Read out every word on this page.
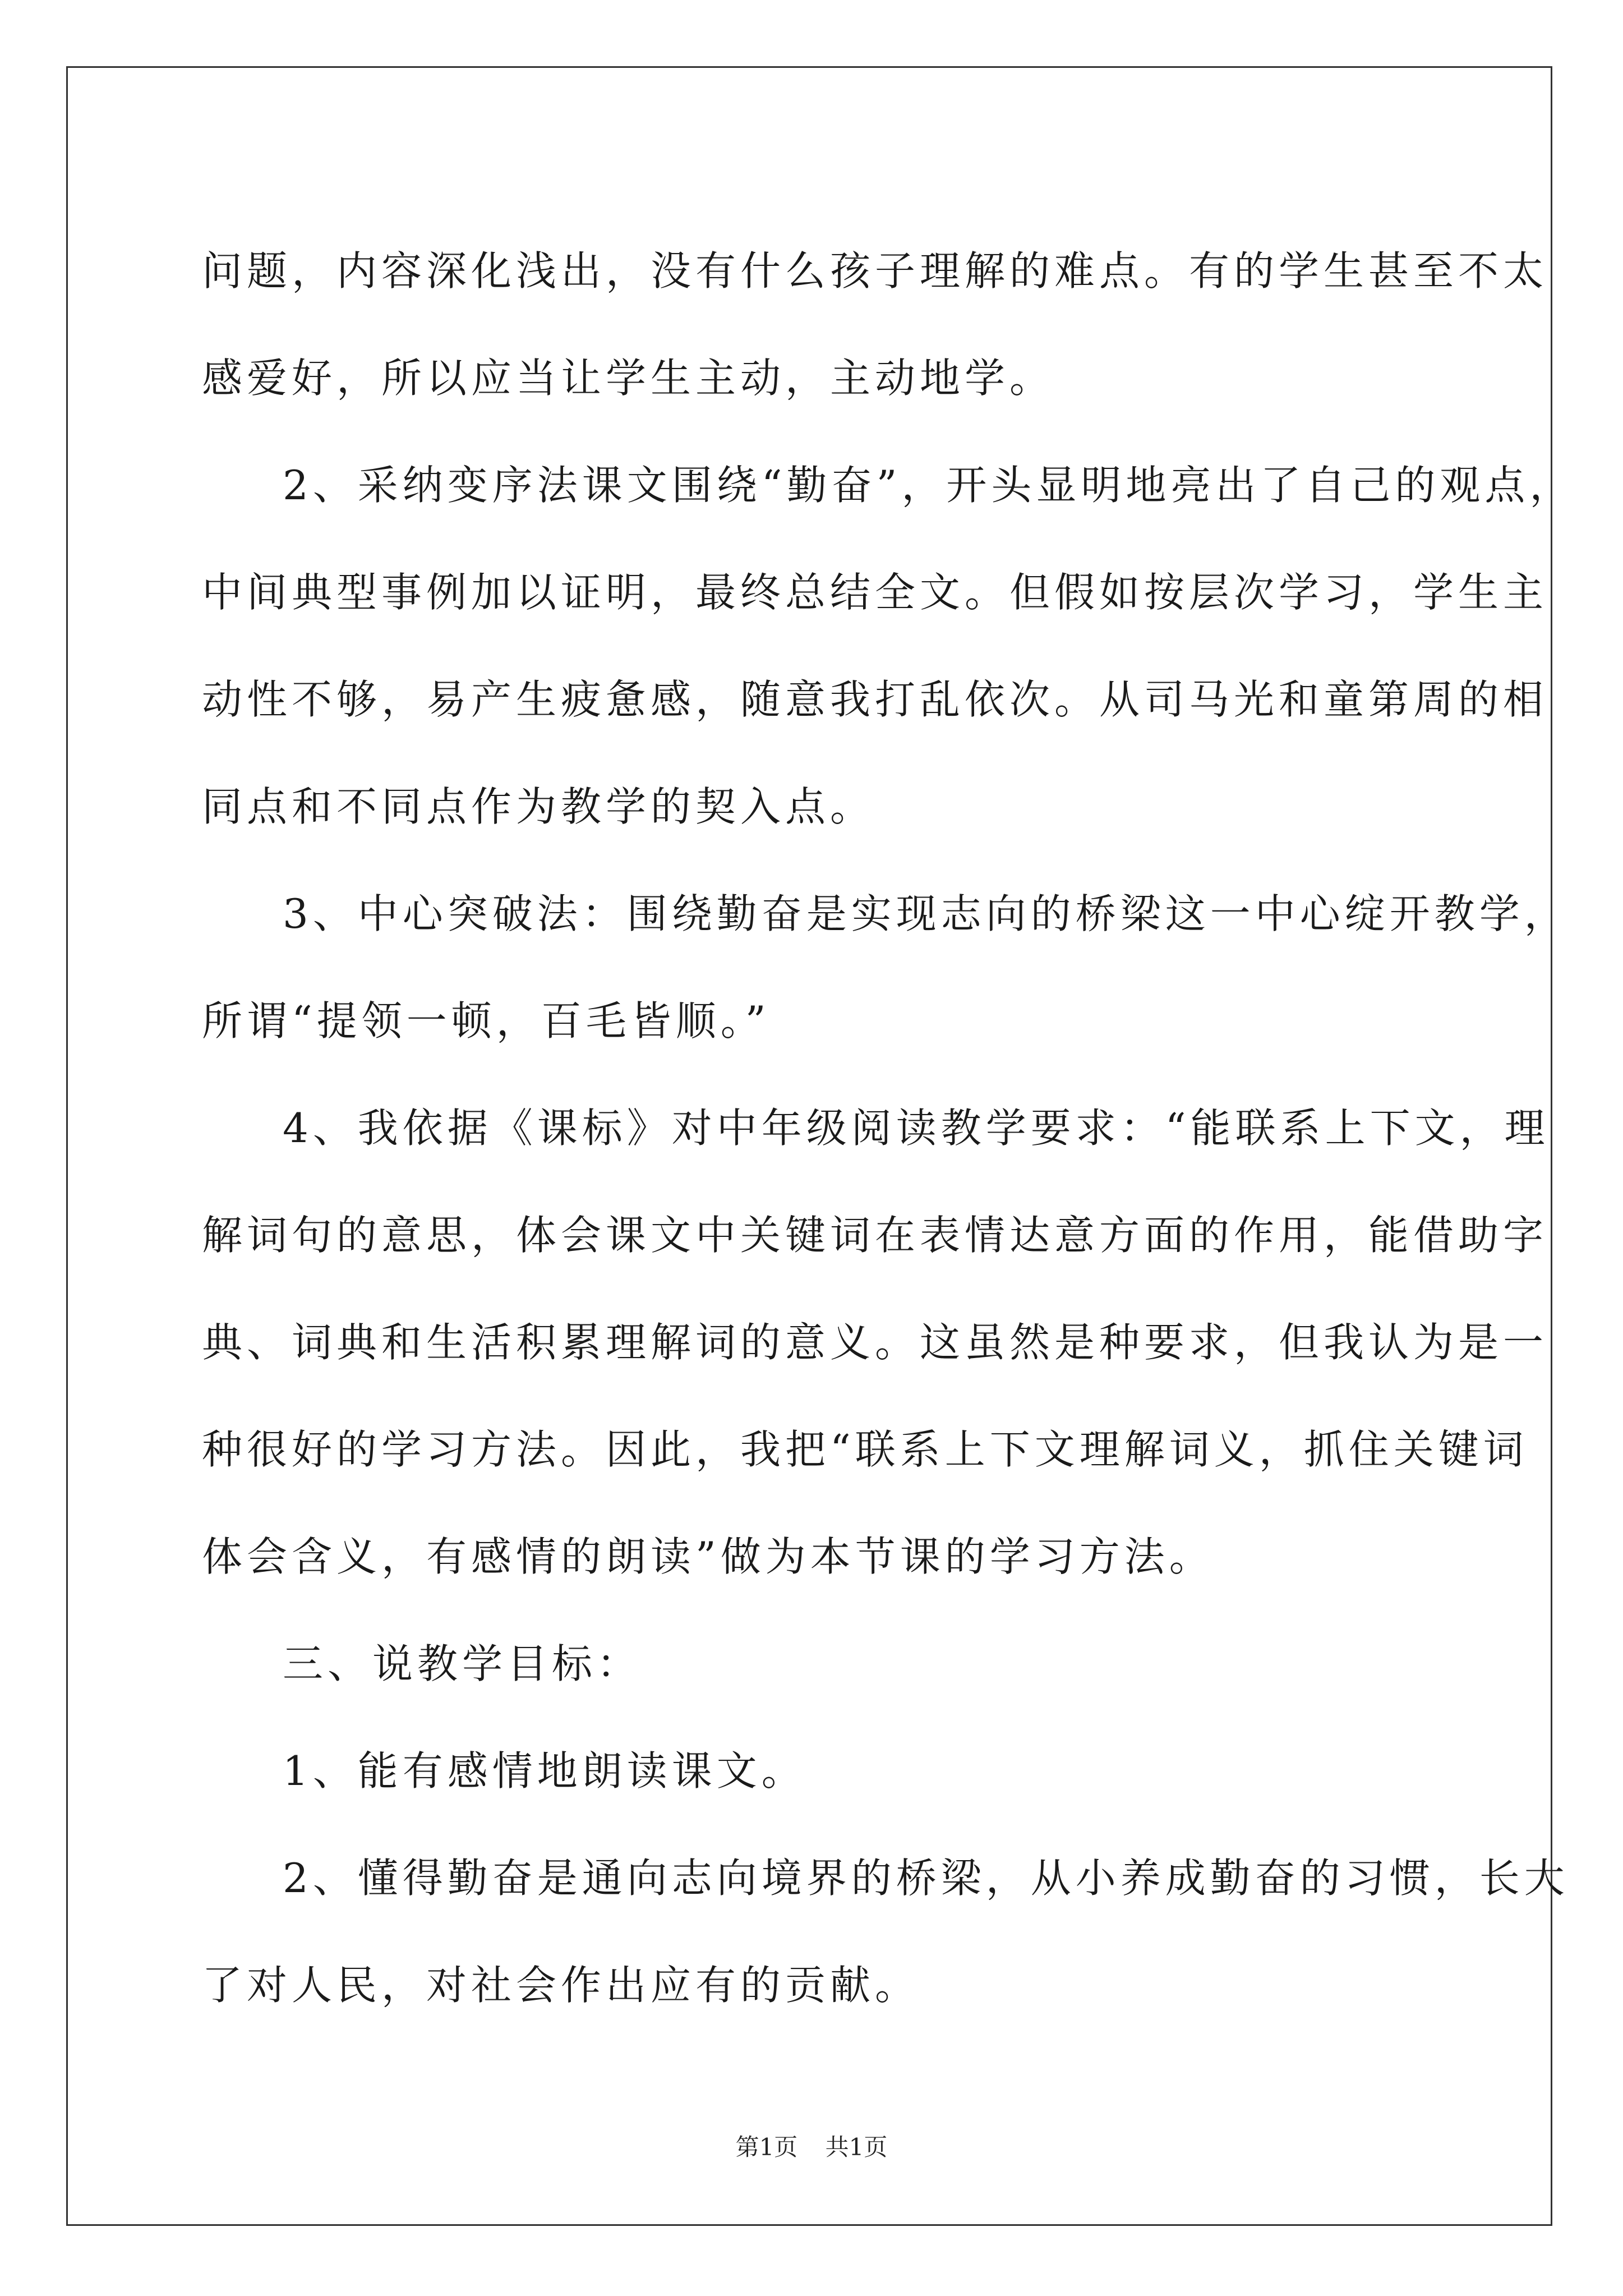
问题，内容深化浅出，没有什么孩子理解的难点。有的学生甚至不太
感爱好，所以应当让学生主动，主动地学。
2、采纳变序法课文围绕“勤奋”，开头显明地亮出了自己的观点，
中间典型事例加以证明，最终总结全文。但假如按层次学习，学生主
动性不够，易产生疲惫感，随意我打乱依次。从司马光和童第周的相
同点和不同点作为教学的契入点。
3、中心突破法：围绕勤奋是实现志向的桥梁这一中心绽开教学，
所谓“提领一顿，百毛皆顺。”
4、我依据《课标》对中年级阅读教学要求：“能联系上下文，理
解词句的意思，体会课文中关键词在表情达意方面的作用，能借助字
典、词典和生活积累理解词的意义。这虽然是种要求，但我认为是一
种很好的学习方法。因此，我把“联系上下文理解词义，抓住关键词
体会含义，有感情的朗读”做为本节课的学习方法。
三、说教学目标：
1、能有感情地朗读课文。
2、懂得勤奋是通向志向境界的桥梁，从小养成勤奋的习惯，长大
了对人民，对社会作出应有的贡献。
第1页 共1页
